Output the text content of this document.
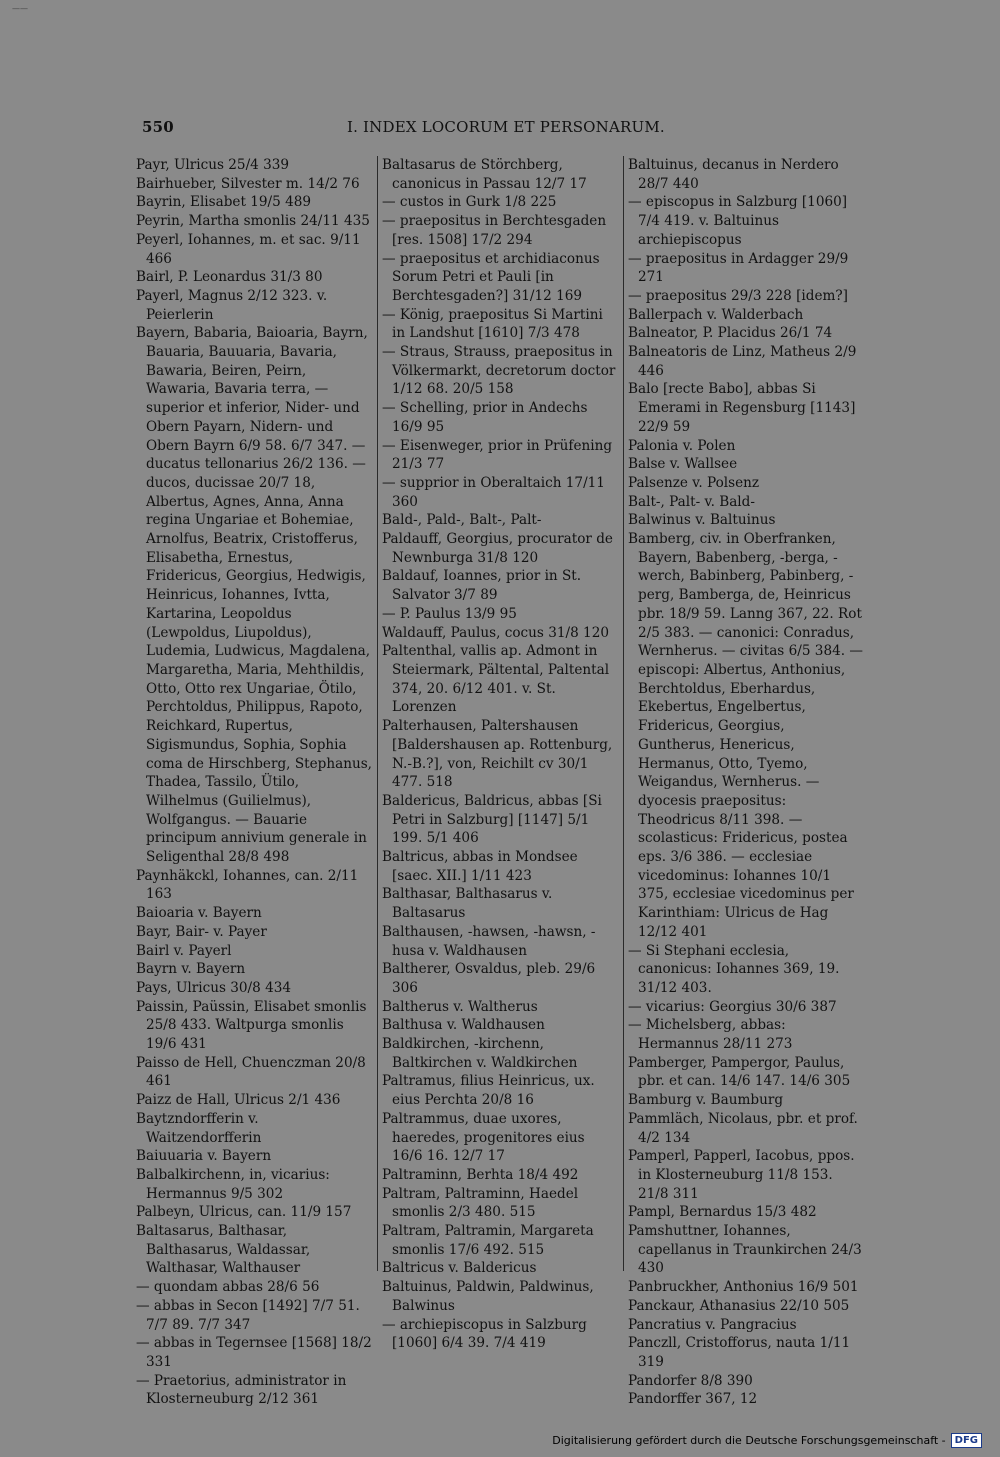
——
550	I. INDEX LOCORUM ET PERSONARUM.
Payr, Ulricus 25/4 339
Bairhueber, Silvester m. 14/2 76
Bayrin, Elisabet 19/5 489
Peyrin, Martha smonlis 24/11 435
Peyerl, Iohannes, m. et sac. 9/11 466
Bairl, P. Leonardus 31/3 80
Payerl, Magnus 2/12 323. v. Peierlerin
Bayern, Babaria, Baioaria, Bayrn, Bauaria, Bauuaria, Bavaria, Bawaria, Beiren, Peirn, Wawaria, Bavaria terra, — superior et inferior, Nider- und Obern Payarn, Nidern- und Obern Bayrn 6/9 58. 6/7 347. — ducatus tellonarius 26/2 136. — ducos, ducissae 20/7 18, Albertus, Agnes, Anna, Anna regina Ungariae et Bohemiae, Arnolfus, Beatrix, Cristofferus, Elisabetha, Ernestus, Fridericus, Georgius, Hedwigis, Heinricus, Iohannes, Ivtta, Kartarina, Leopoldus (Lewpoldus, Liupoldus), Ludemia, Ludwicus, Magdalena, Margaretha, Maria, Mehthildis, Otto, Otto rex Ungariae, Ötilo, Perchtoldus, Philippus, Rapoto, Reichkard, Rupertus, Sigismundus, Sophia, Sophia coma de Hirschberg, Stephanus, Thadea, Tassilo, Ütilo, Wilhelmus (Guilielmus), Wolfgangus. — Bauarie principum annivium generale in Seligenthal 28/8 498
Paynhäkckl, Iohannes, can. 2/11 163
Baioaria v. Bayern
Bayr, Bair- v. Payer
Bairl v. Payerl
Bayrn v. Bayern
Pays, Ulricus 30/8 434
Paissin, Paüssin, Elisabet smonlis 25/8 433. Waltpurga smonlis 19/6 431
Paisso de Hell, Chuenczman 20/8 461
Paizz de Hall, Ulricus 2/1 436
Baytzndorfferin v. Waitzendorfferin
Baiuuaria v. Bayern
Balbalkirchenn, in, vicarius: Hermannus 9/5 302
Palbeyn, Ulricus, can. 11/9 157
Baltasarus, Balthasar, Balthasarus, Waldassar, Walthasar, Walthauser
— quondam abbas 28/6 56
— abbas in Secon [1492] 7/7 51. 7/7 89. 7/7 347
— abbas in Tegernsee [1568] 18/2 331
— Praetorius, administrator in Klosterneuburg 2/12 361
Baltasarus de Störchberg, canonicus in Passau 12/7 17
— custos in Gurk 1/8 225
— praepositus in Berchtesgaden [res. 1508] 17/2 294
— praepositus et archidiaconus Sorum Petri et Pauli [in Berchtesgaden?] 31/12 169
— König, praepositus Si Martini in Landshut [1610] 7/3 478
— Straus, Strauss, praepositus in Völkermarkt, decretorum doctor 1/12 68. 20/5 158
— Schelling, prior in Andechs 16/9 95
— Eisenweger, prior in Prüfening 21/3 77
— supprior in Oberaltaich 17/11 360
Bald-, Pald-, Balt-, Palt-
Paldauff, Georgius, procurator de Newnburga 31/8 120
Baldauf, Ioannes, prior in St. Salvator 3/7 89
— P. Paulus 13/9 95
Waldauff, Paulus, cocus 31/8 120
Paltenthal, vallis ap. Admont in Steiermark, Pältental, Paltental 374, 20. 6/12 401. v. St. Lorenzen
Palterhausen, Paltershausen [Baldershausen ap. Rottenburg, N.-B.?], von, Reichilt cv 30/1 477. 518
Baldericus, Baldricus, abbas [Si Petri in Salzburg] [1147] 5/1 199. 5/1 406
Baltricus, abbas in Mondsee [saec. XII.] 1/11 423
Balthasar, Balthasarus v. Baltasarus
Balthausen, -hawsen, -hawsn, -husa v. Waldhausen
Baltherer, Osvaldus, pleb. 29/6 306
Baltherus v. Waltherus
Balthusa v. Waldhausen
Baldkirchen, -kirchenn, Baltkirchen v. Waldkirchen
Paltramus, filius Heinricus, ux. eius Perchta 20/8 16
Paltrammus, duae uxores, haeredes, progenitores eius 16/6 16. 12/7 17
Paltraminn, Berhta 18/4 492
Paltram, Paltraminn, Haedel smonlis 2/3 480. 515
Paltram, Paltramin, Margareta smonlis 17/6 492. 515
Baltricus v. Baldericus
Baltuinus, Paldwin, Paldwinus, Balwinus
— archiepiscopus in Salzburg [1060] 6/4 39. 7/4 419
Baltuinus, decanus in Nerdero 28/7 440
— episcopus in Salzburg [1060] 7/4 419. v. Baltuinus archiepiscopus
— praepositus in Ardagger 29/9 271
— praepositus 29/3 228 [idem?]
Ballerpach v. Walderbach
Balneator, P. Placidus 26/1 74
Balneatoris de Linz, Matheus 2/9 446
Balo [recte Babo], abbas Si Emerami in Regensburg [1143] 22/9 59
Palonia v. Polen
Balse v. Wallsee
Palsenze v. Polsenz
Balt-, Palt- v. Bald-
Balwinus v. Baltuinus
Bamberg, civ. in Oberfranken, Bayern, Babenberg, -berga, -werch, Babinberg, Pabinberg, -perg, Bamberga, de, Heinricus pbr. 18/9 59. Lanng 367, 22. Rot 2/5 383. — canonici: Conradus, Wernherus. — civitas 6/5 384. — episcopi: Albertus, Anthonius, Berchtoldus, Eberhardus, Ekebertus, Engelbertus, Fridericus, Georgius, Guntherus, Henericus, Hermanus, Otto, Tyemo, Weigandus, Wernherus. — dyocesis praepositus: Theodricus 8/11 398. — scolasticus: Fridericus, postea eps. 3/6 386. — ecclesiae vicedominus: Iohannes 10/1 375, ecclesiae vicedominus per Karinthiam: Ulricus de Hag 12/12 401
— Si Stephani ecclesia, canonicus: Iohannes 369, 19. 31/12 403.
— vicarius: Georgius 30/6 387
— Michelsberg, abbas: Hermannus 28/11 273
Pamberger, Pampergor, Paulus, pbr. et can. 14/6 147. 14/6 305
Bamburg v. Baumburg
Pammläch, Nicolaus, pbr. et prof. 4/2 134
Pamperl, Papperl, Iacobus, ppos. in Klosterneuburg 11/8 153. 21/8 311
Pampl, Bernardus 15/3 482
Pamshuttner, Iohannes, capellanus in Traunkirchen 24/3 430
Panbruckher, Anthonius 16/9 501
Panckaur, Athanasius 22/10 505
Pancratius v. Pangracius
Panczll, Cristofforus, nauta 1/11 319
Pandorfer 8/8 390
Pandorffer 367, 12
Digitalisierung gefördert durch die Deutsche Forschungsgemeinschaft - DFG
